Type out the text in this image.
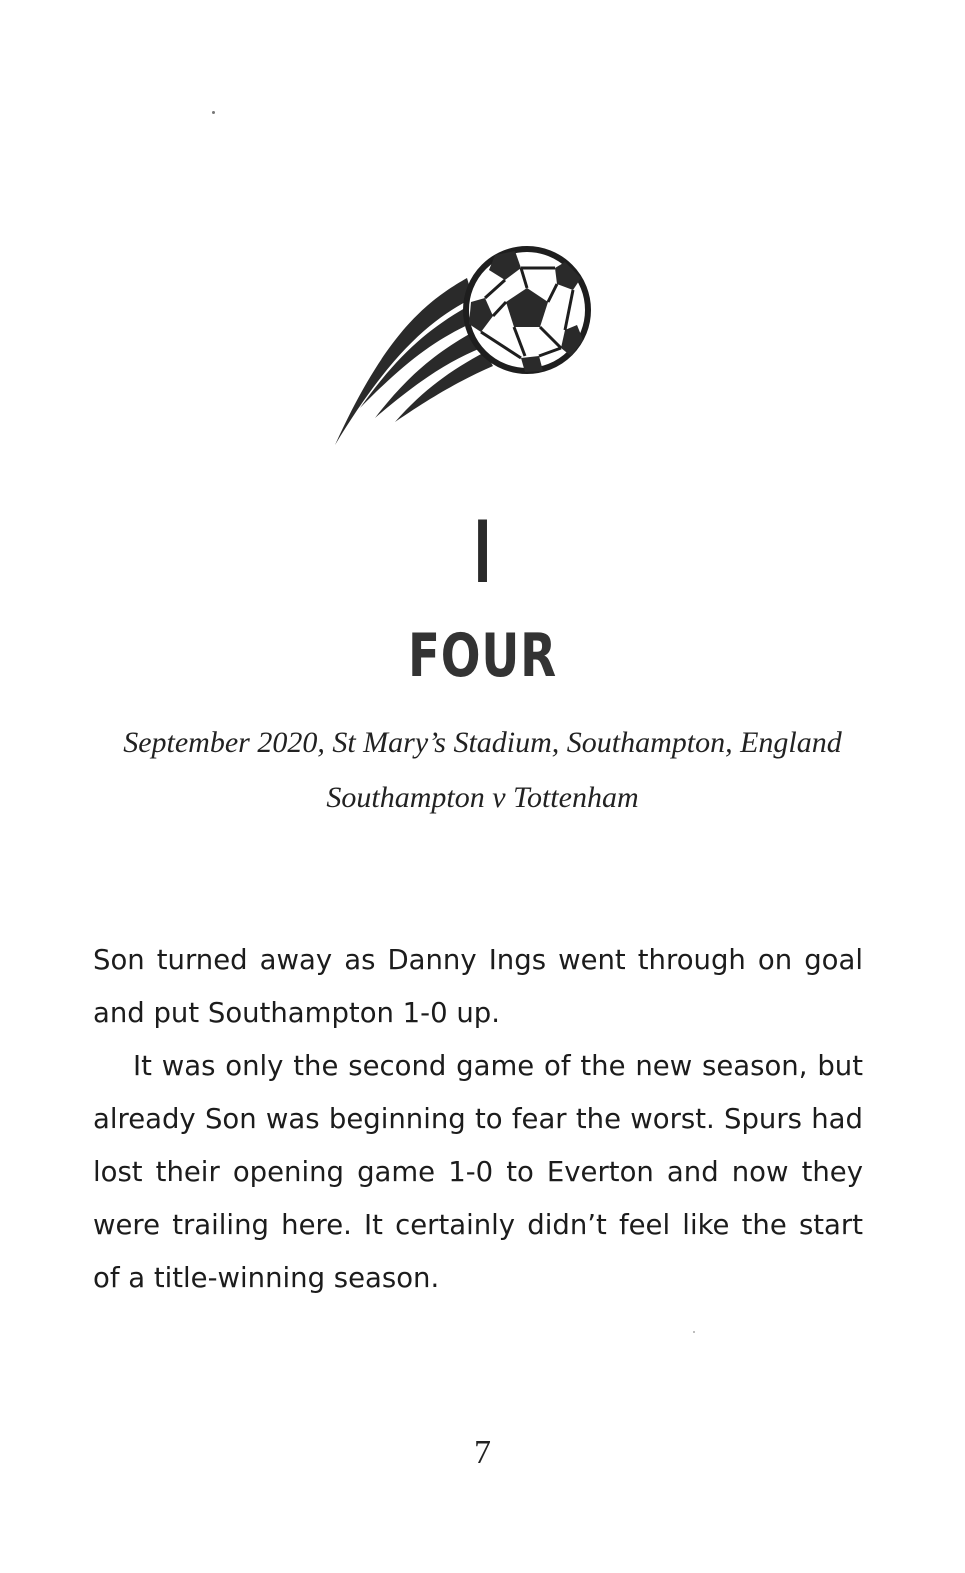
I
FOUR
September 2020, St Mary’s Stadium, Southampton, England
Southampton v Tottenham

Son turned away as Danny Ings went through on goal and put Southampton 1-0 up.

It was only the second game of the new season, but already Son was beginning to fear the worst. Spurs had lost their opening game 1-0 to Everton and now they were trailing here. It certainly didn’t feel like the start of a title-winning season.

7
